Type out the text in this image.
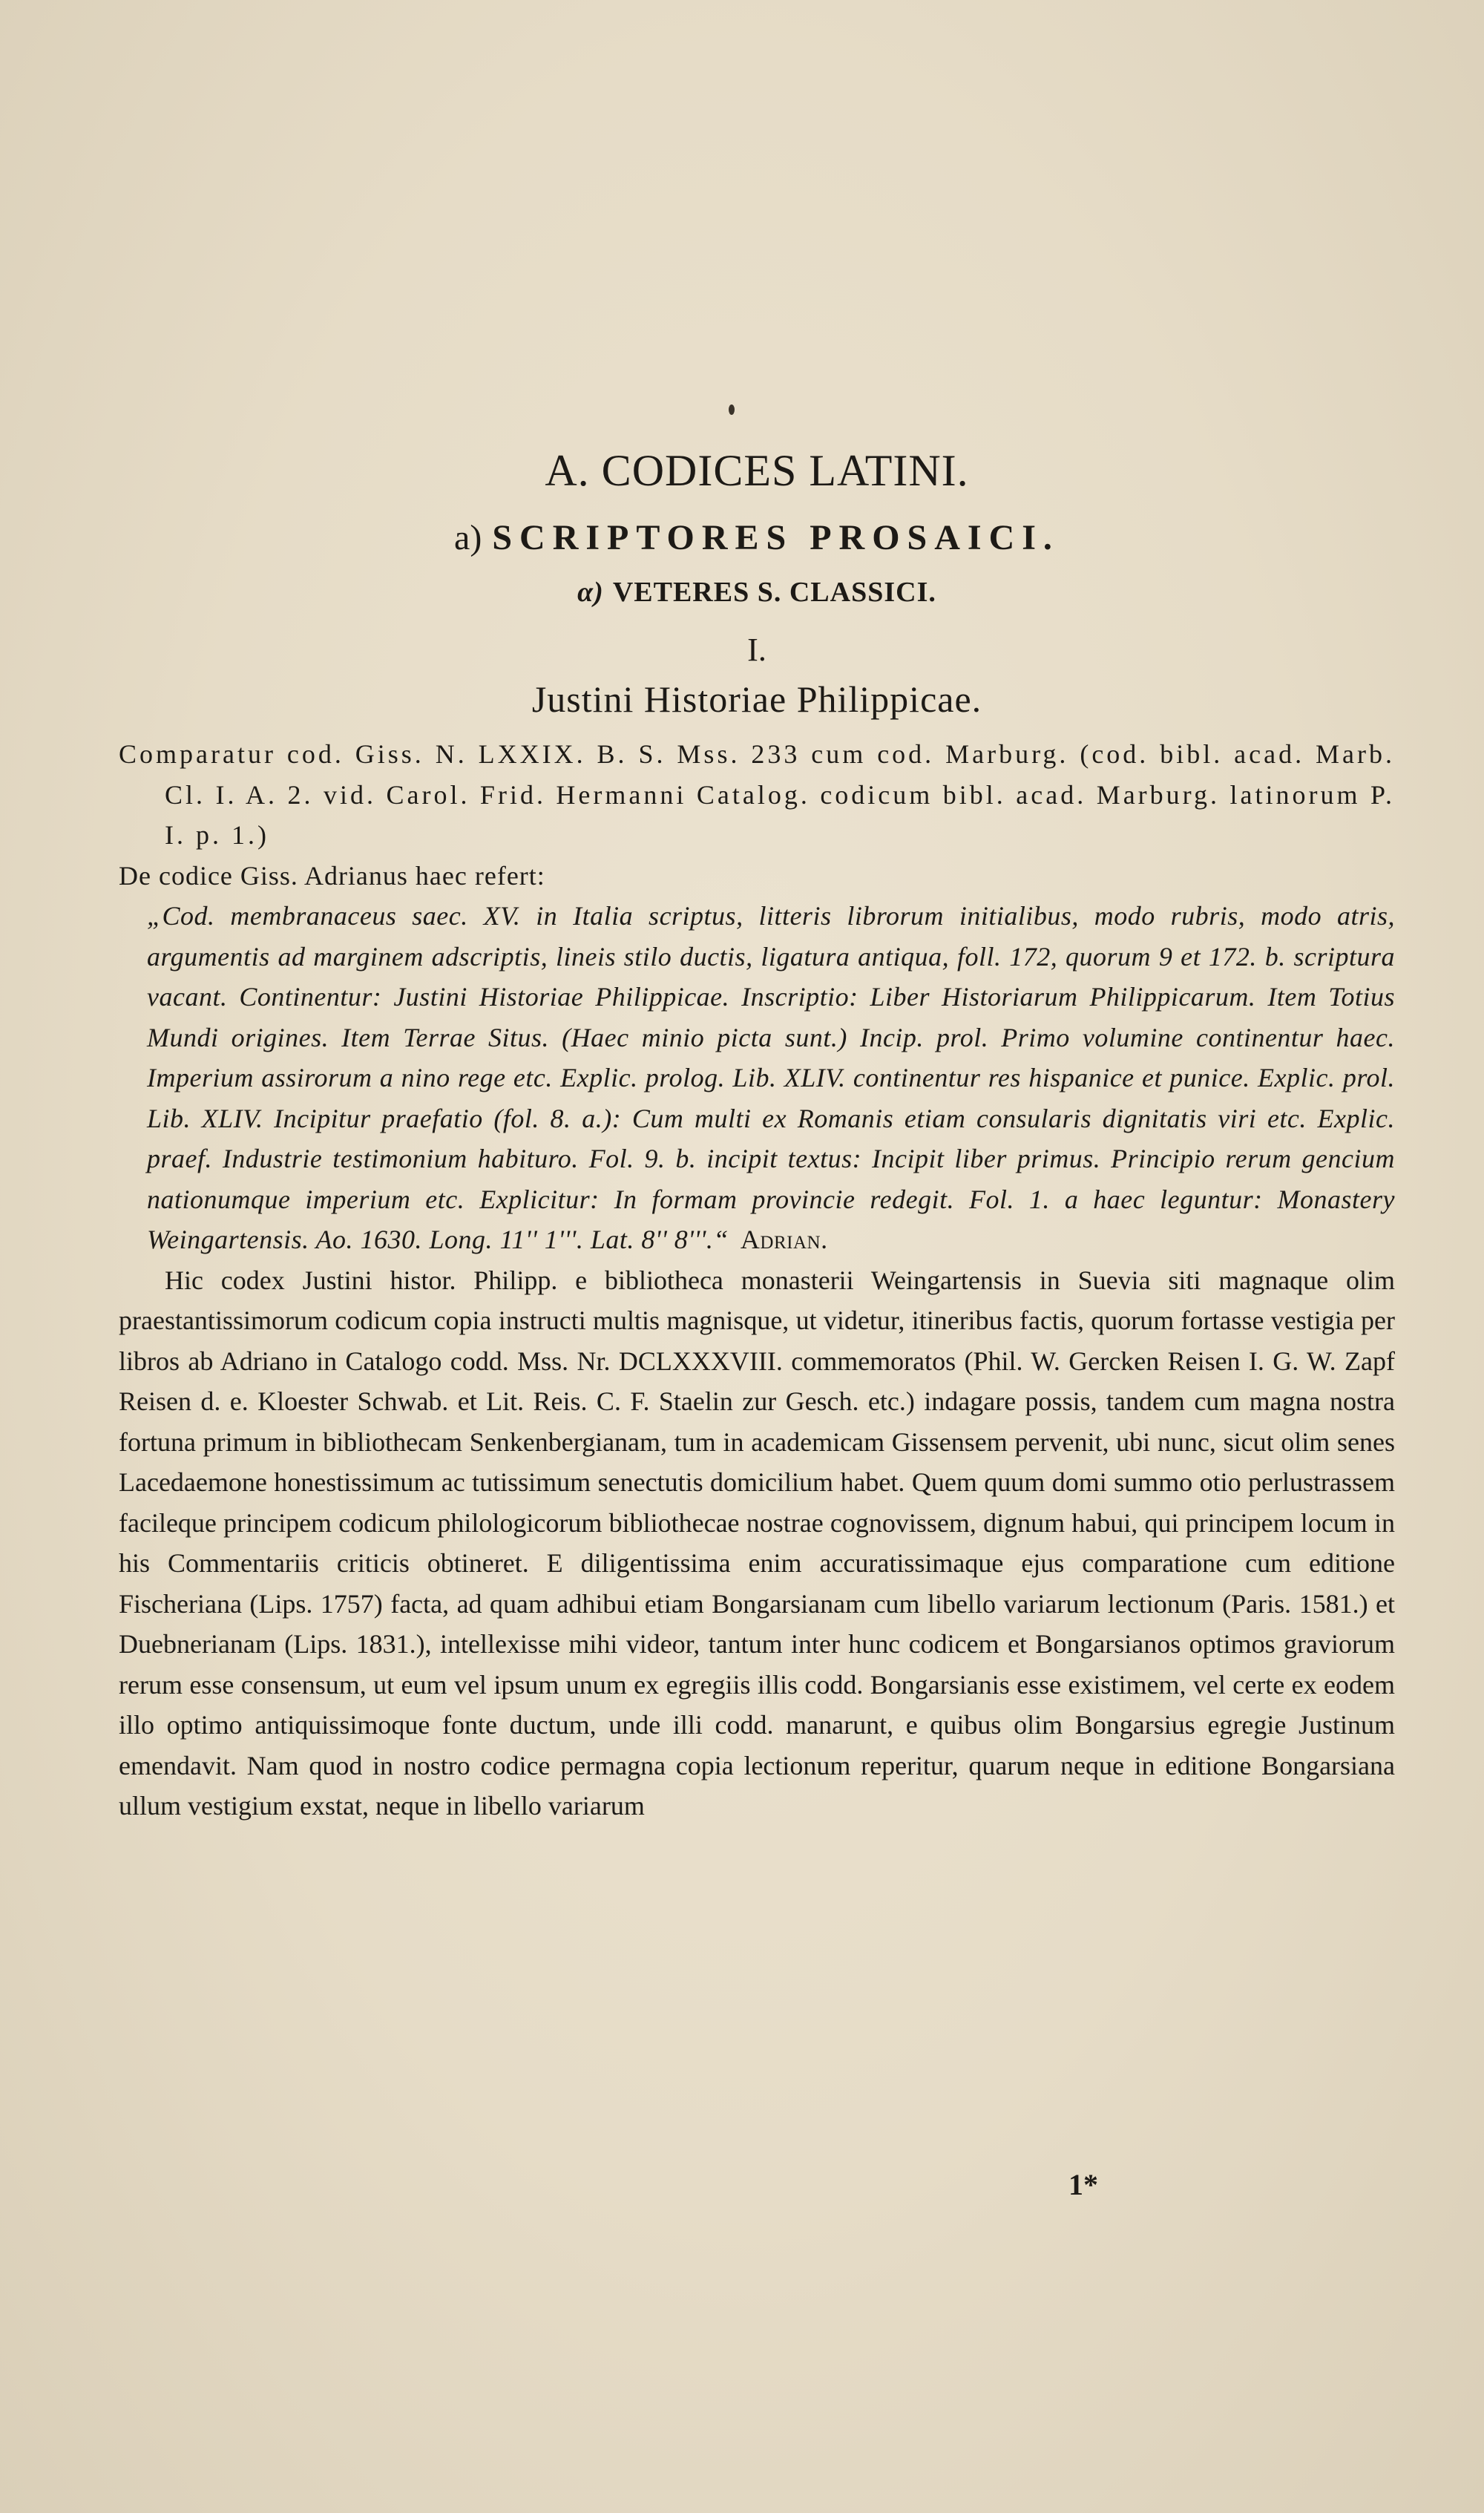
A. CODICES LATINI.
a) SCRIPTORES PROSAICI.
α) VETERES S. CLASSICI.
I.
Justini Historiae Philippicae.

Comparatur cod. Giss. N. LXXIX. B. S. Mss. 233 cum cod. Marburg. (cod. bibl. acad. Marb. Cl. I. A. 2. vid. Carol. Frid. Hermanni Catalog. codicum bibl. acad. Marburg. latinorum P. I. p. 1.)

De codice Giss. Adrianus haec refert:

„Cod. membranaceus saec. XV. in Italia scriptus, litteris librorum initialibus, modo rubris, modo atris, argumentis ad marginem adscriptis, lineis stilo ductis, ligatura antiqua, foll. 172, quorum 9 et 172. b. scriptura vacant. Continentur: Justini Historiae Philippicae. Inscriptio: Liber Historiarum Philippicarum. Item Totius Mundi origines. Item Terrae Situs. (Haec minio picta sunt.) Incip. prol. Primo volumine continentur haec. Imperium assirorum a nino rege etc. Explic. prolog. Lib. XLIV. continentur res hispanice et punice. Explic. prol. Lib. XLIV. Incipitur praefatio (fol. 8. a.): Cum multi ex Romanis etiam consularis dignitatis viri etc. Explic. praef. Industrie testimonium habituro. Fol. 9. b. incipit textus: Incipit liber primus. Principio rerum gencium nationumque imperium etc. Explicitur: In formam provincie redegit. Fol. 1. a haec leguntur: Monastery Weingartensis. Ao. 1630. Long. 11'' 1'''. Lat. 8'' 8'''.“ Adrian.

Hic codex Justini histor. Philipp. e bibliotheca monasterii Weingartensis in Suevia siti magnaque olim praestantissimorum codicum copia instructi multis magnisque, ut videtur, itineribus factis, quorum fortasse vestigia per libros ab Adriano in Catalogo codd. Mss. Nr. DCLXXXVIII. commemoratos (Phil. W. Gercken Reisen I. G. W. Zapf Reisen d. e. Kloester Schwab. et Lit. Reis. C. F. Staelin zur Gesch. etc.) indagare possis, tandem cum magna nostra fortuna primum in bibliothecam Senkenbergianam, tum in academicam Gissensem pervenit, ubi nunc, sicut olim senes Lacedaemone honestissimum ac tutissimum senectutis domicilium habet. Quem quum domi summo otio perlustrassem facileque principem codicum philologicorum bibliothecae nostrae cognovissem, dignum habui, qui principem locum in his Commentariis criticis obtineret. E diligentissima enim accuratissimaque ejus comparatione cum editione Fischeriana (Lips. 1757) facta, ad quam adhibui etiam Bongarsianam cum libello variarum lectionum (Paris. 1581.) et Duebnerianam (Lips. 1831.), intellexisse mihi videor, tantum inter hunc codicem et Bongarsianos optimos graviorum rerum esse consensum, ut eum vel ipsum unum ex egregiis illis codd. Bongarsianis esse existimem, vel certe ex eodem illo optimo antiquissimoque fonte ductum, unde illi codd. manarunt, e quibus olim Bongarsius egregie Justinum emendavit. Nam quod in nostro codice permagna copia lectionum reperitur, quarum neque in editione Bongarsiana ullum vestigium exstat, neque in libello variarum

1*
